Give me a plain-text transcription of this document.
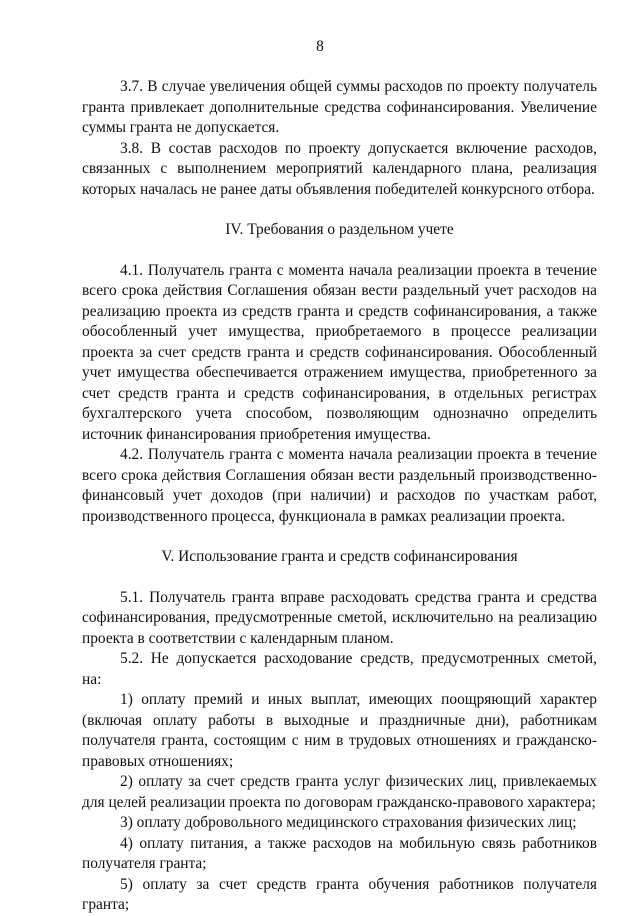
8

3.7. В случае увеличения общей суммы расходов по проекту получатель гранта привлекает дополнительные средства софинансирования. Увеличение суммы гранта не допускается.

3.8. В состав расходов по проекту допускается включение расходов, связанных с выполнением мероприятий календарного плана, реализация которых началась не ранее даты объявления победителей конкурсного отбора.

IV. Требования о раздельном учете

4.1. Получатель гранта с момента начала реализации проекта в течение всего срока действия Соглашения обязан вести раздельный учет расходов на реализацию проекта из средств гранта и средств софинансирования, а также обособленный учет имущества, приобретаемого в процессе реализации проекта за счет средств гранта и средств софинансирования. Обособленный учет имущества обеспечивается отражением имущества, приобретенного за счет средств гранта и средств софинансирования, в отдельных регистрах бухгалтерского учета способом, позволяющим однозначно определить источник финансирования приобретения имущества.

4.2. Получатель гранта с момента начала реализации проекта в течение всего срока действия Соглашения обязан вести раздельный производственно-финансовый учет доходов (при наличии) и расходов по участкам работ, производственного процесса, функционала в рамках реализации проекта.

V. Использование гранта и средств софинансирования

5.1. Получатель гранта вправе расходовать средства гранта и средства софинансирования, предусмотренные сметой, исключительно на реализацию проекта в соответствии с календарным планом.

5.2. Не допускается расходование средств, предусмотренных сметой, на:

1) оплату премий и иных выплат, имеющих поощряющий характер (включая оплату работы в выходные и праздничные дни), работникам получателя гранта, состоящим с ним в трудовых отношениях и гражданско-правовых отношениях;

2) оплату за счет средств гранта услуг физических лиц, привлекаемых для целей реализации проекта по договорам гражданско-правового характера;

3) оплату добровольного медицинского страхования физических лиц;

4) оплату питания, а также расходов на мобильную связь работников получателя гранта;

5) оплату за счет средств гранта обучения работников получателя гранта;
